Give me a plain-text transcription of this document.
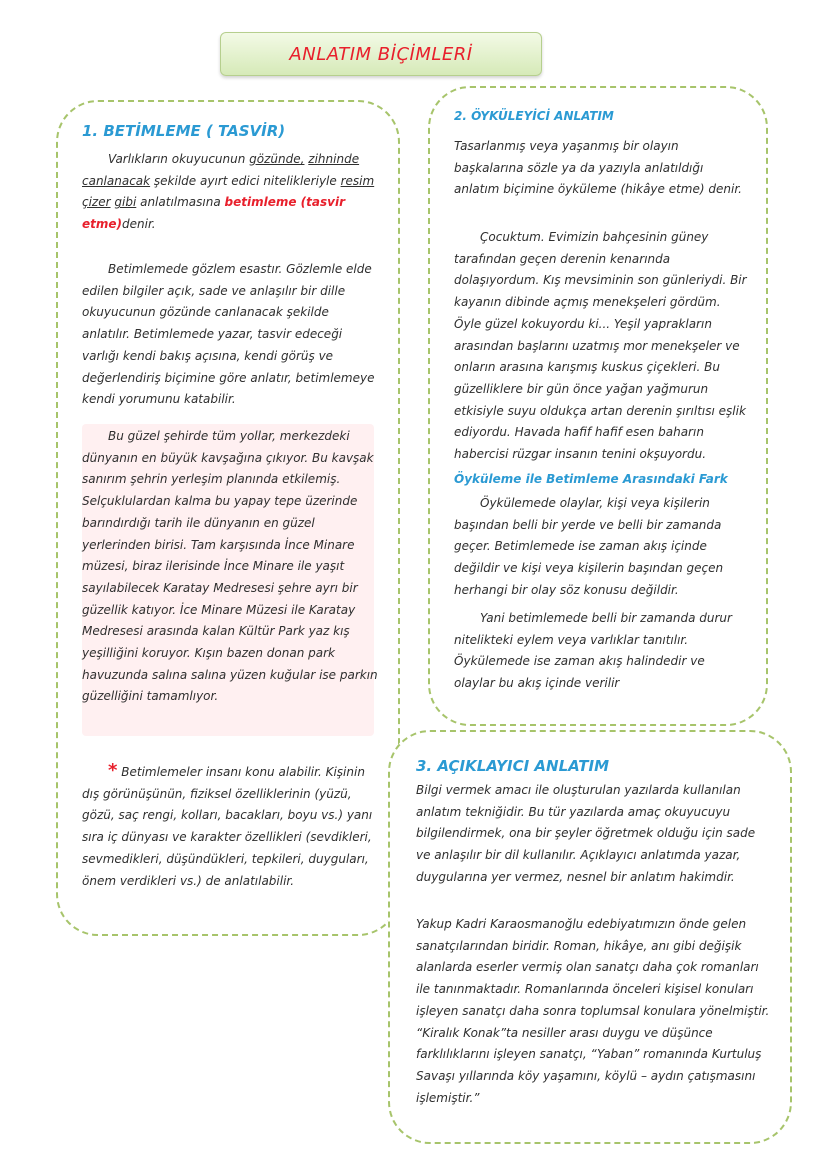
ANLATIM BİÇİMLERİ
1. BETİMLEME ( TASVİR)

Varlıkların okuyucunun gözünde, zihninde canlanacak şekilde ayırt edici nitelikleriyle resim çizer gibi anlatılmasına betimleme (tasvir etme)denir.

Betimlemede gözlem esastır. Gözlemle elde edilen bilgiler açık, sade ve anlaşılır bir dille okuyucunun gözünde canlanacak şekilde anlatılır. Betimlemede yazar, tasvir edeceği varlığı kendi bakış açısına, kendi görüş ve değerlendiriş biçimine göre anlatır, betimlemeye kendi yorumunu katabilir.

Bu güzel şehirde tüm yollar, merkezdeki dünyanın en büyük kavşağına çıkıyor. Bu kavşak sanırım şehrin yerleşim planında etkilemiş. Selçuklulardan kalma bu yapay tepe üzerinde barındırdığı tarih ile dünyanın en güzel yerlerinden birisi. Tam karşısında İnce Minare müzesi, biraz ilerisinde İnce Minare ile yaşıt sayılabilecek Karatay Medresesi şehre ayrı bir güzellik katıyor. İce Minare Müzesi ile Karatay Medresesi arasında kalan Kültür Park yaz kış yeşilliğini koruyor. Kışın bazen donan park havuzunda salına salına yüzen kuğular ise parkın güzelliğini tamamlıyor.

* Betimlemeler insanı konu alabilir. Kişinin dış görünüşünün, fiziksel özelliklerinin (yüzü, gözü, saç rengi, kolları, bacakları, boyu vs.) yanı sıra iç dünyası ve karakter özellikleri (sevdikleri, sevmedikleri, düşündükleri, tepkileri, duyguları, önem verdikleri vs.) de anlatılabilir.

2. ÖYKÜLEYİCİ ANLATIM

Tasarlanmış veya yaşanmış bir olayın başkalarına sözle ya da yazıyla anlatıldığı anlatım biçimine öyküleme (hikâye etme) denir.

Çocuktum. Evimizin bahçesinin güney tarafından geçen derenin kenarında dolaşıyordum. Kış mevsiminin son günleriydi. Bir kayanın dibinde açmış menekşeleri gördüm. Öyle güzel kokuyordu ki... Yeşil yaprakların arasından başlarını uzatmış mor menekşeler ve onların arasına karışmış kuskus çiçekleri. Bu güzelliklere bir gün önce yağan yağmurun etkisiyle suyu oldukça artan derenin şırıltısı eşlik ediyordu. Havada hafif hafif esen baharın habercisi rüzgar insanın tenini okşuyordu.

Öyküleme ile Betimleme Arasındaki Fark

Öykülemede olaylar, kişi veya kişilerin başından belli bir yerde ve belli bir zamanda geçer. Betimlemede ise zaman akış içinde değildir ve kişi veya kişilerin başından geçen herhangi bir olay söz konusu değildir.

Yani betimlemede belli bir zamanda durur nitelikteki eylem veya varlıklar tanıtılır. Öykülemede ise zaman akış halindedir ve olaylar bu akış içinde verilir

3. AÇIKLAYICI ANLATIM

Bilgi vermek amacı ile oluşturulan yazılarda kullanılan anlatım tekniğidir. Bu tür yazılarda amaç okuyucuyu bilgilendirmek, ona bir şeyler öğretmek olduğu için sade ve anlaşılır bir dil kullanılır. Açıklayıcı anlatımda yazar, duygularına yer vermez, nesnel bir anlatım hakimdir.

Yakup Kadri Karaosmanoğlu edebiyatımızın önde gelen sanatçılarından biridir. Roman, hikâye, anı gibi değişik alanlarda eserler vermiş olan sanatçı daha çok romanları ile tanınmaktadır. Romanlarında önceleri kişisel konuları işleyen sanatçı daha sonra toplumsal konulara yönelmiştir. “Kiralık Konak”ta nesiller arası duygu ve düşünce farklılıklarını işleyen sanatçı, “Yaban” romanında Kurtuluş Savaşı yıllarında köy yaşamını, köylü – aydın çatışmasını işlemiştir.”
